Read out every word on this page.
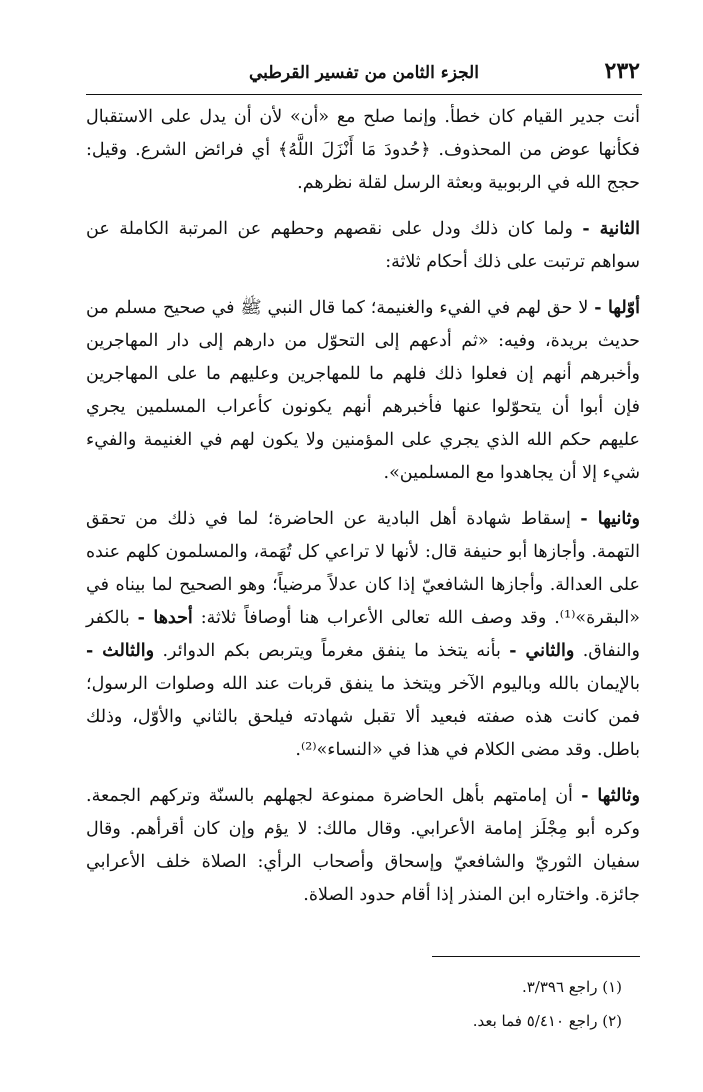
٢٣٢
الجزء الثامن من تفسير القرطبي

أنت جدير القيام كان خطأ. وإنما صلح مع «أن» لأن أن يدل على الاستقبال فكأنها عوض من المحذوف. ﴿حُدودَ مَا أَنْزَلَ اللَّهُ﴾ أي فرائض الشرع. وقيل: حجج الله في الربوبية وبعثة الرسل لقلة نظرهم.

الثانية - ولما كان ذلك ودل على نقصهم وحطهم عن المرتبة الكاملة عن سواهم ترتبت على ذلك أحكام ثلاثة:

أوّلها - لا حق لهم في الفيء والغنيمة؛ كما قال النبي ﷺ في صحيح مسلم من حديث بريدة، وفيه: «ثم أدعهم إلى التحوّل من دارهم إلى دار المهاجرين وأخبرهم أنهم إن فعلوا ذلك فلهم ما للمهاجرين وعليهم ما على المهاجرين فإن أبوا أن يتحوّلوا عنها فأخبرهم أنهم يكونون كأعراب المسلمين يجري عليهم حكم الله الذي يجري على المؤمنين ولا يكون لهم في الغنيمة والفيء شيء إلا أن يجاهدوا مع المسلمين».

وثانيها - إسقاط شهادة أهل البادية عن الحاضرة؛ لما في ذلك من تحقق التهمة. وأجازها أبو حنيفة قال: لأنها لا تراعي كل تُهَمة، والمسلمون كلهم عنده على العدالة. وأجازها الشافعيّ إذا كان عدلاً مرضياً؛ وهو الصحيح لما بيناه في «البقرة»⁽¹⁾. وقد وصف الله تعالى الأعراب هنا أوصافاً ثلاثة: أحدها - بالكفر والنفاق. والثاني - بأنه يتخذ ما ينفق مغرماً ويتربص بكم الدوائر. والثالث - بالإيمان بالله وباليوم الآخر ويتخذ ما ينفق قربات عند الله وصلوات الرسول؛ فمن كانت هذه صفته فبعيد ألا تقبل شهادته فيلحق بالثاني والأوّل، وذلك باطل. وقد مضى الكلام في هذا في «النساء»⁽²⁾.

وثالثها - أن إمامتهم بأهل الحاضرة ممنوعة لجهلهم بالسنّة وتركهم الجمعة. وكره أبو مِجْلَز إمامة الأعرابي. وقال مالك: لا يؤم وإن كان أقرأهم. وقال سفيان الثوريّ والشافعيّ وإسحاق وأصحاب الرأي: الصلاة خلف الأعرابي جائزة. واختاره ابن المنذر إذا أقام حدود الصلاة.

(١) راجع ٣/٣٩٦.

(٢) راجع ٥/٤١٠ فما بعد.
